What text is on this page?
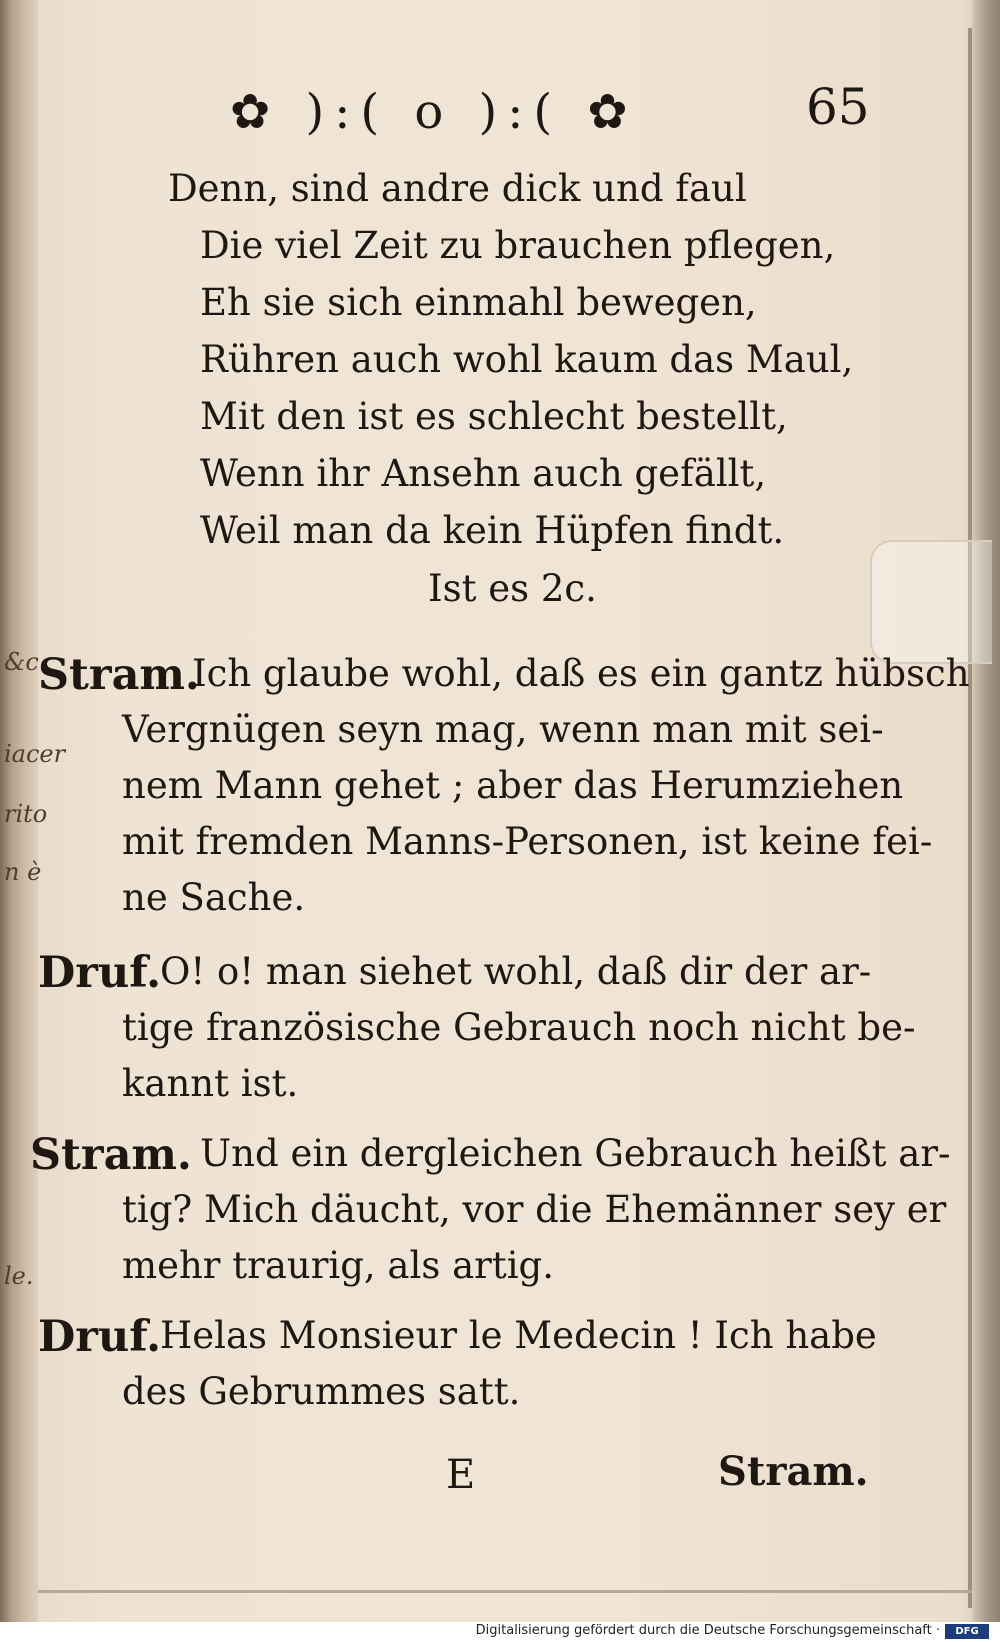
&c.
iacer
rito
n è
le.
✿ ):( o ):( ✿	65
Denn, sind andre dick und faul
Die viel Zeit zu brauchen pflegen,
Eh sie sich einmahl bewegen,
Rühren auch wohl kaum das Maul,
Mit den ist es schlecht bestellt,
Wenn ihr Ansehn auch gefällt,
Weil man da kein Hüpfen findt.
Ist es 2c.
Stram.
Ich glaube wohl, daß es ein gantz hübsch
Vergnügen seyn mag, wenn man mit sei-
nem Mann gehet ; aber das Herumziehen
mit fremden Manns-Personen, ist keine fei-
ne Sache.
Druf.
O! o! man siehet wohl, daß dir der ar-
tige französische Gebrauch noch nicht be-
kannt ist.
Stram. Und ein dergleichen Gebrauch heißt ar-
tig? Mich däucht, vor die Ehemänner sey er
mehr traurig, als artig.
Druf.
Helas Monsieur le Medecin ! Ich habe
des Gebrummes satt.
E	Stram.
Digitalisierung gefördert durch die Deutsche Forschungsgemeinschaft ·	DFG
